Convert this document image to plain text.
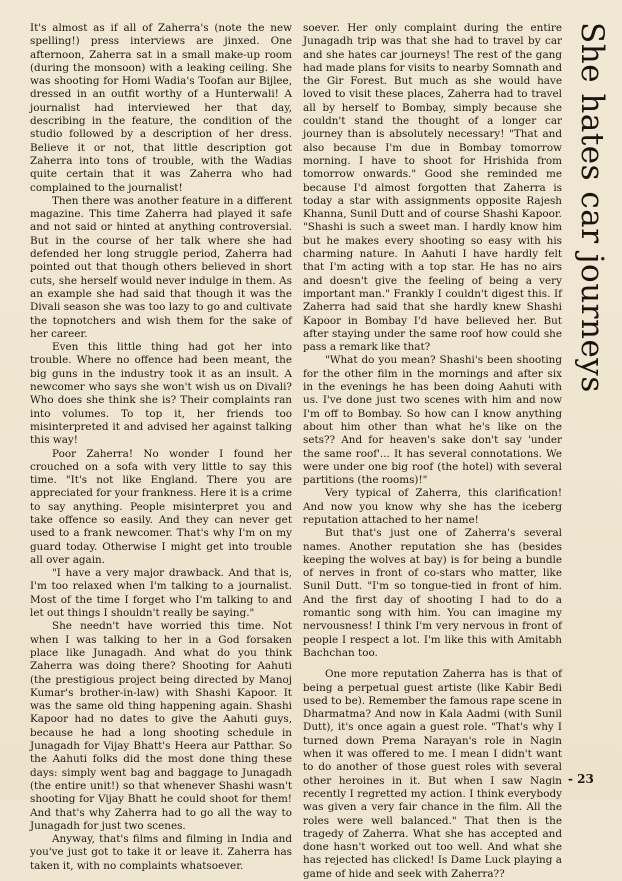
It's almost as if all of Zaherra's (note the new spelling!) press interviews are jinxed. One afternoon, Zaherra sat in a small make-up room (during the monsoon) with a leaking ceiling. She was shooting for Homi Wadia's Toofan aur Bijlee, dressed in an outfit worthy of a Hunterwali! A journalist had interviewed her that day, describing in the feature, the condition of the studio followed by a description of her dress. Believe it or not, that little description got Zaherra into tons of trouble, with the Wadias quite certain that it was Zaherra who had complained to the journalist!

Then there was another feature in a different magazine. This time Zaherra had played it safe and not said or hinted at anything controversial. But in the course of her talk where she had defended her long struggle period, Zaherra had pointed out that though others believed in short cuts, she herself would never indulge in them. As an example she had said that though it was the Divali season she was too lazy to go and cultivate the topnotchers and wish them for the sake of her career.

Even this little thing had got her into trouble. Where no offence had been meant, the big guns in the industry took it as an insult. A newcomer who says she won't wish us on Divali? Who does she think she is? Their complaints ran into volumes. To top it, her friends too misinterpreted it and advised her against talking this way!

Poor Zaherra! No wonder I found her crouched on a sofa with very little to say this time. "It's not like England. There you are appreciated for your frankness. Here it is a crime to say anything. People misinterpret you and take offence so easily. And they can never get used to a frank newcomer. That's why I'm on my guard today. Otherwise I might get into trouble all over again.

"I have a very major drawback. And that is, I'm too relaxed when I'm talking to a journalist. Most of the time I forget who I'm talking to and let out things I shouldn't really be saying."

She needn't have worried this time. Not when I was talking to her in a God forsaken place like Junagadh. And what do you think Zaherra was doing there? Shooting for Aahuti (the prestigious project being directed by Manoj Kumar's brother-in-law) with Shashi Kapoor. It was the same old thing happening again. Shashi Kapoor had no dates to give the Aahuti guys, because he had a long shooting schedule in Junagadh for Vijay Bhatt's Heera aur Patthar. So the Aahuti folks did the most done thing these days: simply went bag and baggage to Junagadh (the entire unit!) so that whenever Shashi wasn't shooting for Vijay Bhatt he could shoot for them! And that's why Zaherra had to go all the way to Junagadh for just two scenes.

Anyway, that's films and filming in India and you've just got to take it or leave it. Zaherra has taken it, with no complaints whatsoever.

soever. Her only complaint during the entire Junagadh trip was that she had to travel by car and she hates car journeys! The rest of the gang had made plans for visits to nearby Somnath and the Gir Forest. But much as she would have loved to visit these places, Zaherra had to travel all by herself to Bombay, simply because she couldn't stand the thought of a longer car journey than is absolutely necessary! "That and also because I'm due in Bombay tomorrow morning. I have to shoot for Hrishida from tomorrow onwards." Good she reminded me because I'd almost forgotten that Zaherra is today a star with assignments opposite Rajesh Khanna, Sunil Dutt and of course Shashi Kapoor. "Shashi is such a sweet man. I hardly know him but he makes every shooting so easy with his charming nature. In Aahuti I have hardly felt that I'm acting with a top star. He has no airs and doesn't give the feeling of being a very important man." Frankly I couldn't digest this. If Zaherra had said that she hardly knew Shashi Kapoor in Bombay I'd have believed her. But after staying under the same roof how could she pass a remark like that?

"What do you mean? Shashi's been shooting for the other film in the mornings and after six in the evenings he has been doing Aahuti with us. I've done just two scenes with him and now I'm off to Bombay. So how can I know anything about him other than what he's like on the sets?? And for heaven's sake don't say 'under the same roof'... It has several connotations. We were under one big roof (the hotel) with several partitions (the rooms)!"

Very typical of Zaherra, this clarification! And now you know why she has the iceberg reputation attached to her name!

But that's just one of Zaherra's several names. Another reputation she has (besides keeping the wolves at bay) is for being a bundle of nerves in front of co-stars who matter, like Sunil Dutt. "I'm so tongue-tied in front of him. And the first day of shooting I had to do a romantic song with him. You can imagine my nervousness! I think I'm very nervous in front of people I respect a lot. I'm like this with Amitabh Bachchan too.

One more reputation Zaherra has is that of being a perpetual guest artiste (like Kabir Bedi used to be). Remember the famous rape scene in Dharmatma? And now in Kala Aadmi (with Sunil Dutt), it's once again a guest role. "That's why I turned down Prema Narayan's role in Nagin when it was offered to me. I mean I didn't want to do another of those guest roles with several other heroines in it. But when I saw Nagin recently I regretted my action. I think everybody was given a very fair chance in the film. All the roles were well balanced." That then is the tragedy of Zaherra. What she has accepted and done hasn't worked out too well. And what she has rejected has clicked! Is Dame Luck playing a game of hide and seek with Zaherra??

She hates car journeys
- 23
